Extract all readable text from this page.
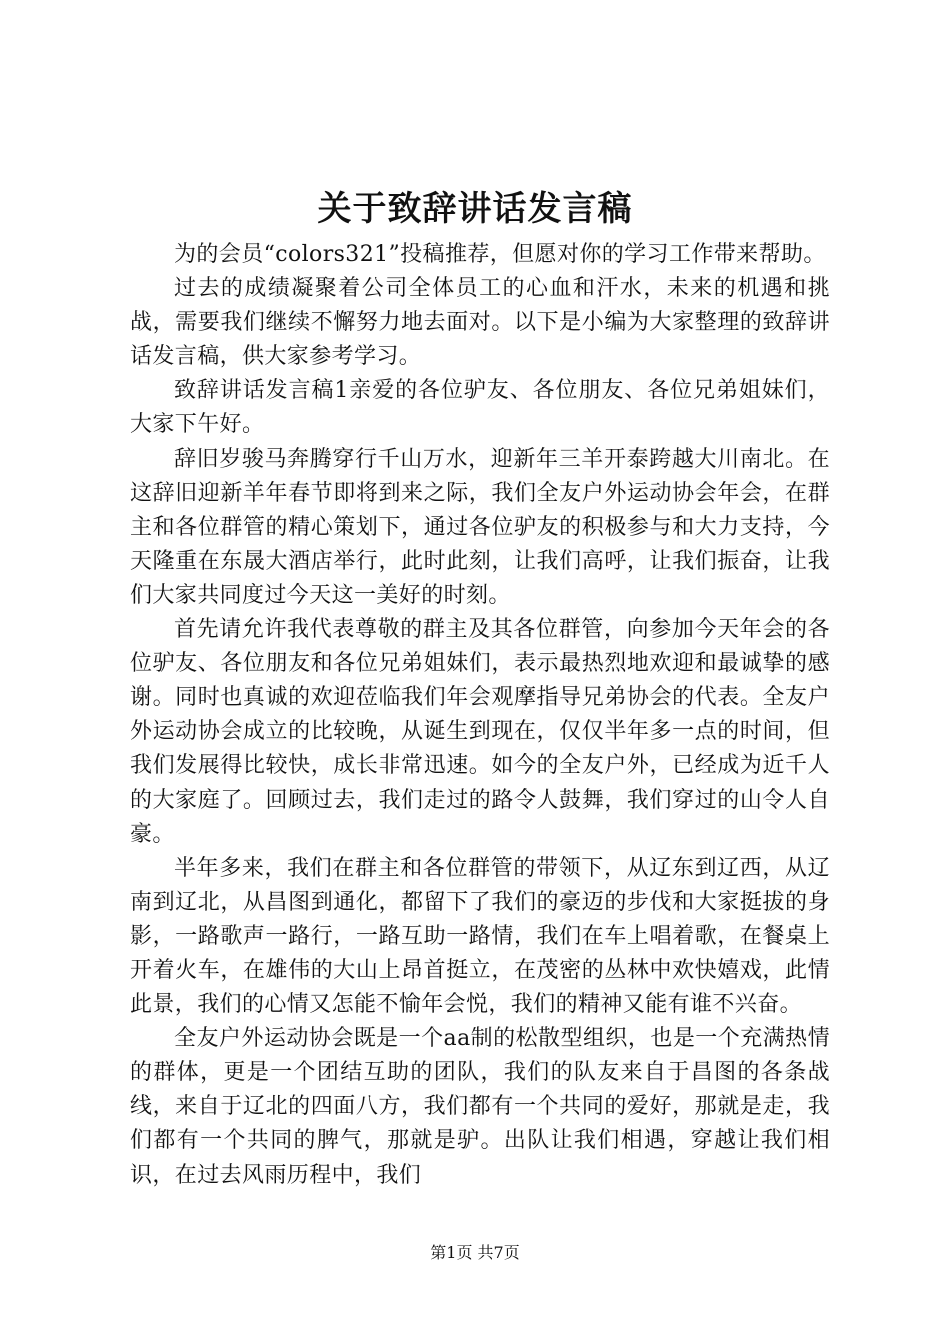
关于致辞讲话发言稿

为的会员“colors321”投稿推荐，但愿对你的学习工作带来帮助。

过去的成绩凝聚着公司全体员工的心血和汗水，未来的机遇和挑战，需要我们继续不懈努力地去面对。以下是小编为大家整理的致辞讲话发言稿，供大家参考学习。

致辞讲话发言稿1亲爱的各位驴友、各位朋友、各位兄弟姐妹们，大家下午好。

辞旧岁骏马奔腾穿行千山万水，迎新年三羊开泰跨越大川南北。在这辞旧迎新羊年春节即将到来之际，我们全友户外运动协会年会，在群主和各位群管的精心策划下，通过各位驴友的积极参与和大力支持，今天隆重在东晟大酒店举行，此时此刻，让我们高呼，让我们振奋，让我们大家共同度过今天这一美好的时刻。

首先请允许我代表尊敬的群主及其各位群管，向参加今天年会的各位驴友、各位朋友和各位兄弟姐妹们，表示最热烈地欢迎和最诚挚的感谢。同时也真诚的欢迎莅临我们年会观摩指导兄弟协会的代表。全友户外运动协会成立的比较晚，从诞生到现在，仅仅半年多一点的时间，但我们发展得比较快，成长非常迅速。如今的全友户外，已经成为近千人的大家庭了。回顾过去，我们走过的路令人鼓舞，我们穿过的山令人自豪。

半年多来，我们在群主和各位群管的带领下，从辽东到辽西，从辽南到辽北，从昌图到通化，都留下了我们的豪迈的步伐和大家挺拔的身影，一路歌声一路行，一路互助一路情，我们在车上唱着歌，在餐桌上开着火车，在雄伟的大山上昂首挺立，在茂密的丛林中欢快嬉戏，此情此景，我们的心情又怎能不愉年会悦，我们的精神又能有谁不兴奋。

全友户外运动协会既是一个aa制的松散型组织，也是一个充满热情的群体，更是一个团结互助的团队，我们的队友来自于昌图的各条战线，来自于辽北的四面八方，我们都有一个共同的爱好，那就是走，我们都有一个共同的脾气，那就是驴。出队让我们相遇，穿越让我们相识，在过去风雨历程中，我们

第1页 共7页
